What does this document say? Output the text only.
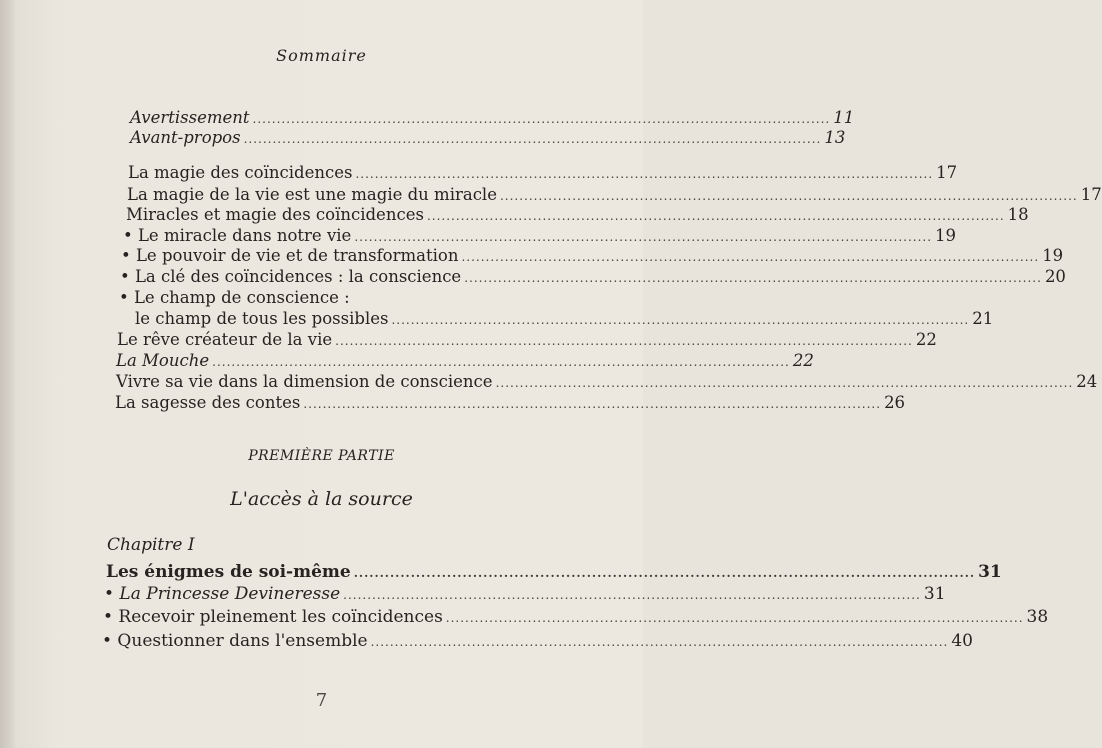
Sommaire
Avertissement ........................................................................................................................ 11
Avant-propos ........................................................................................................................ 13
La magie des coïncidences ........................................................................................................................ 17
La magie de la vie est une magie du miracle ........................................................................................................................ 17
Miracles et magie des coïncidences ........................................................................................................................ 18
• Le miracle dans notre vie ........................................................................................................................ 19
• Le pouvoir de vie et de transformation ........................................................................................................................ 19
• La clé des coïncidences : la conscience ........................................................................................................................ 20
• Le champ de conscience :
le champ de tous les possibles ........................................................................................................................ 21
Le rêve créateur de la vie ........................................................................................................................ 22
La Mouche ........................................................................................................................ 22
Vivre sa vie dans la dimension de conscience ........................................................................................................................ 24
La sagesse des contes ........................................................................................................................ 26
PREMIÈRE PARTIE
L'accès à la source
Chapitre I
Les énigmes de soi-même ........................................................................................................................ 31
• La Princesse Devineresse ........................................................................................................................ 31
• Recevoir pleinement les coïncidences ........................................................................................................................ 38
• Questionner dans l'ensemble ........................................................................................................................ 40
7
